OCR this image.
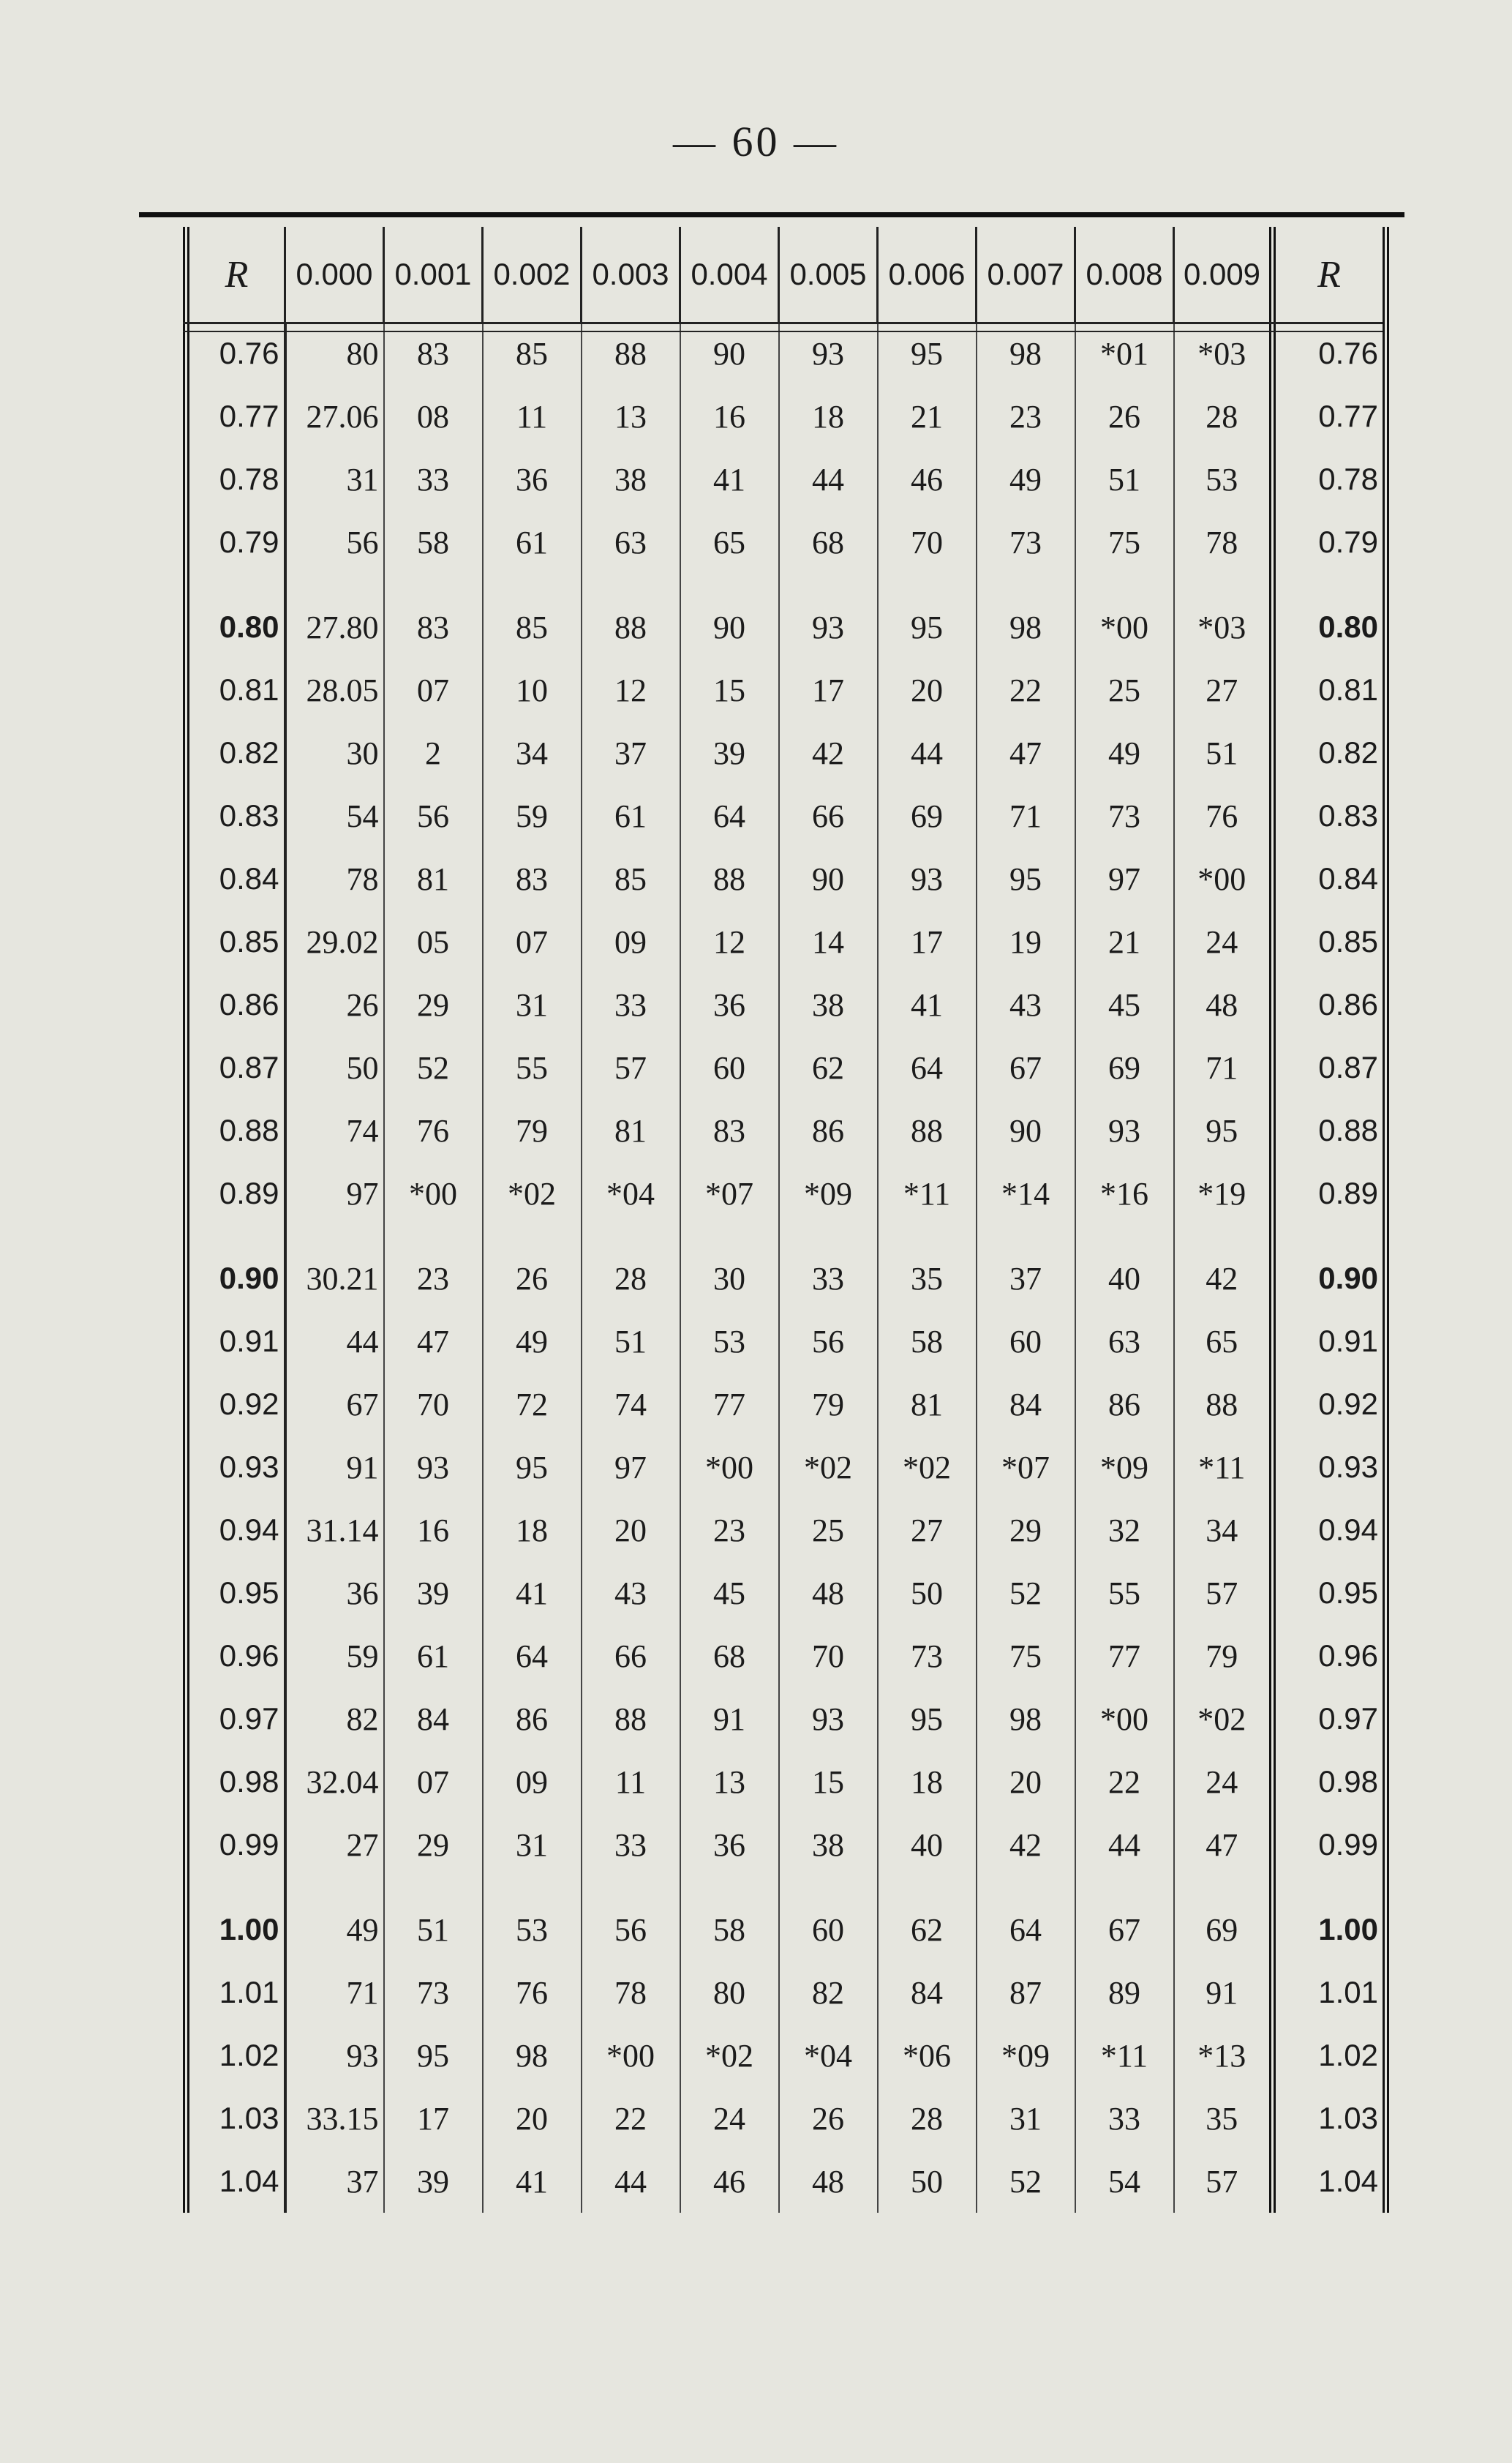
— 60 —
R	0.000	0.001	0.002	0.003	0.004	0.005	0.006	0.007	0.008	0.009	R
0.76	80	83	85	88	90	93	95	98	*01	*03	0.76
0.77	27.06	08	11	13	16	18	21	23	26	28	0.77
0.78	31	33	36	38	41	44	46	49	51	53	0.78
0.79	56	58	61	63	65	68	70	73	75	78	0.79
0.80	27.80	83	85	88	90	93	95	98	*00	*03	0.80
0.81	28.05	07	10	12	15	17	20	22	25	27	0.81
0.82	30	2	34	37	39	42	44	47	49	51	0.82
0.83	54	56	59	61	64	66	69	71	73	76	0.83
0.84	78	81	83	85	88	90	93	95	97	*00	0.84
0.85	29.02	05	07	09	12	14	17	19	21	24	0.85
0.86	26	29	31	33	36	38	41	43	45	48	0.86
0.87	50	52	55	57	60	62	64	67	69	71	0.87
0.88	74	76	79	81	83	86	88	90	93	95	0.88
0.89	97	*00	*02	*04	*07	*09	*11	*14	*16	*19	0.89
0.90	30.21	23	26	28	30	33	35	37	40	42	0.90
0.91	44	47	49	51	53	56	58	60	63	65	0.91
0.92	67	70	72	74	77	79	81	84	86	88	0.92
0.93	91	93	95	97	*00	*02	*02	*07	*09	*11	0.93
0.94	31.14	16	18	20	23	25	27	29	32	34	0.94
0.95	36	39	41	43	45	48	50	52	55	57	0.95
0.96	59	61	64	66	68	70	73	75	77	79	0.96
0.97	82	84	86	88	91	93	95	98	*00	*02	0.97
0.98	32.04	07	09	11	13	15	18	20	22	24	0.98
0.99	27	29	31	33	36	38	40	42	44	47	0.99
1.00	49	51	53	56	58	60	62	64	67	69	1.00
1.01	71	73	76	78	80	82	84	87	89	91	1.01
1.02	93	95	98	*00	*02	*04	*06	*09	*11	*13	1.02
1.03	33.15	17	20	22	24	26	28	31	33	35	1.03
1.04	37	39	41	44	46	48	50	52	54	57	1.04
